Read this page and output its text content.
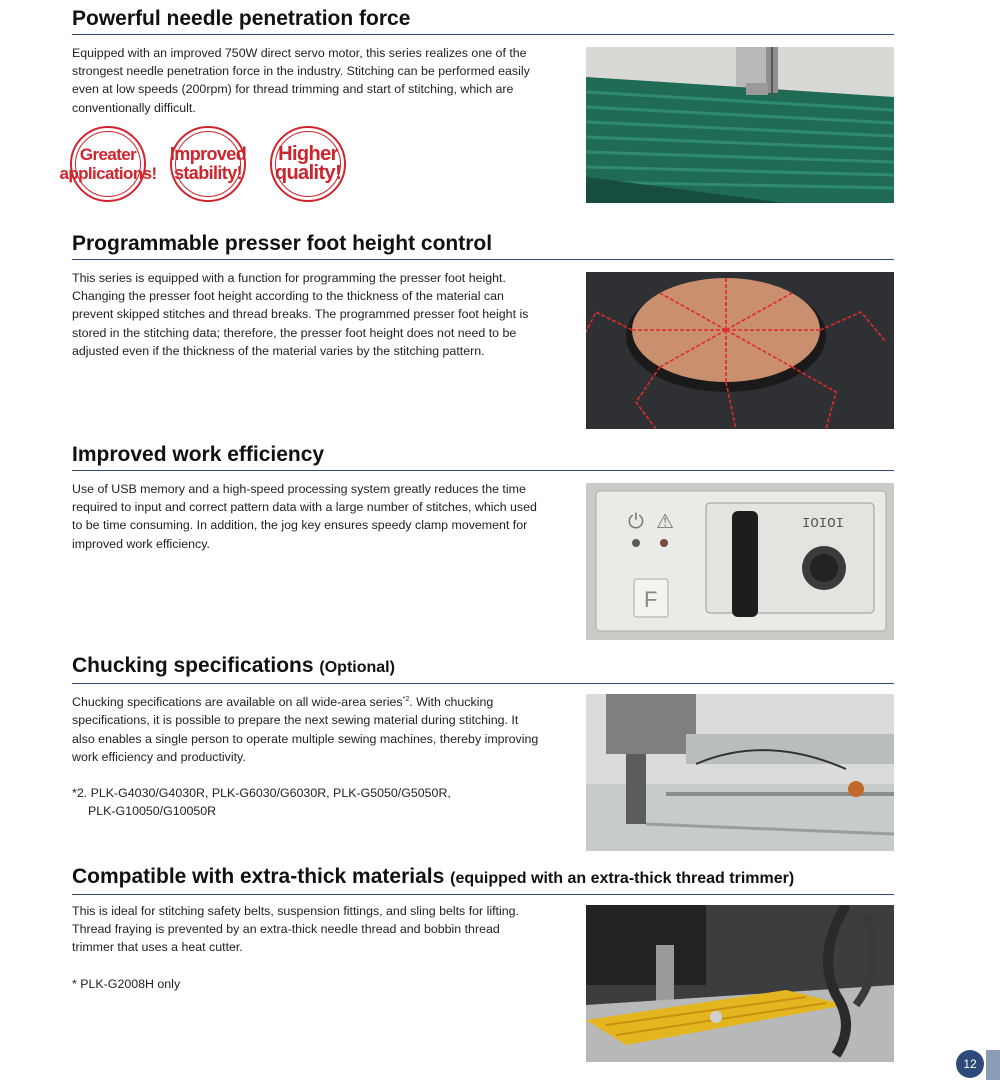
Powerful needle penetration force

Equipped with an improved 750W direct servo motor, this series realizes one of the strongest needle penetration force in the industry. Stitching can be performed easily even at low speeds (200rpm) for thread trimming and start of stitching, which are conventionally difficult.

Greater
applications!
Improved
stability!
Higher
quality!
Programmable presser foot height control

This series is equipped with a function for programming the presser foot height. Changing the presser foot height according to the thickness of the material can prevent skipped stitches and thread breaks. The programmed presser foot height is stored in the stitching data; therefore, the presser foot height does not need to be adjusted even if the thickness of the material varies by the stitching pattern.

Improved work efficiency

Use of USB memory and a high-speed processing system greatly reduces the time required to input and correct pattern data with a large number of stitches, which used to be time consuming. In addition, the jog key ensures speedy clamp movement for improved work efficiency.

⏻ ⚠
F
IOIOI
Chucking specifications (Optional)

Chucking specifications are available on all wide-area series$^{*2}$. With chucking specifications, it is possible to prepare the next sewing material during stitching. It also enables a single person to operate multiple sewing machines, thereby improving work efficiency and productivity.

*2. PLK-G4030/G4030R, PLK-G6030/G6030R, PLK-G5050/G5050R,

PLK-G10050/G10050R

Compatible with extra-thick materials (equipped with an extra-thick thread trimmer)

This is ideal for stitching safety belts, suspension fittings, and sling belts for lifting. Thread fraying is prevented by an extra-thick needle thread and bobbin thread trimmer that uses a heat cutter.

* PLK-G2008H only

12
